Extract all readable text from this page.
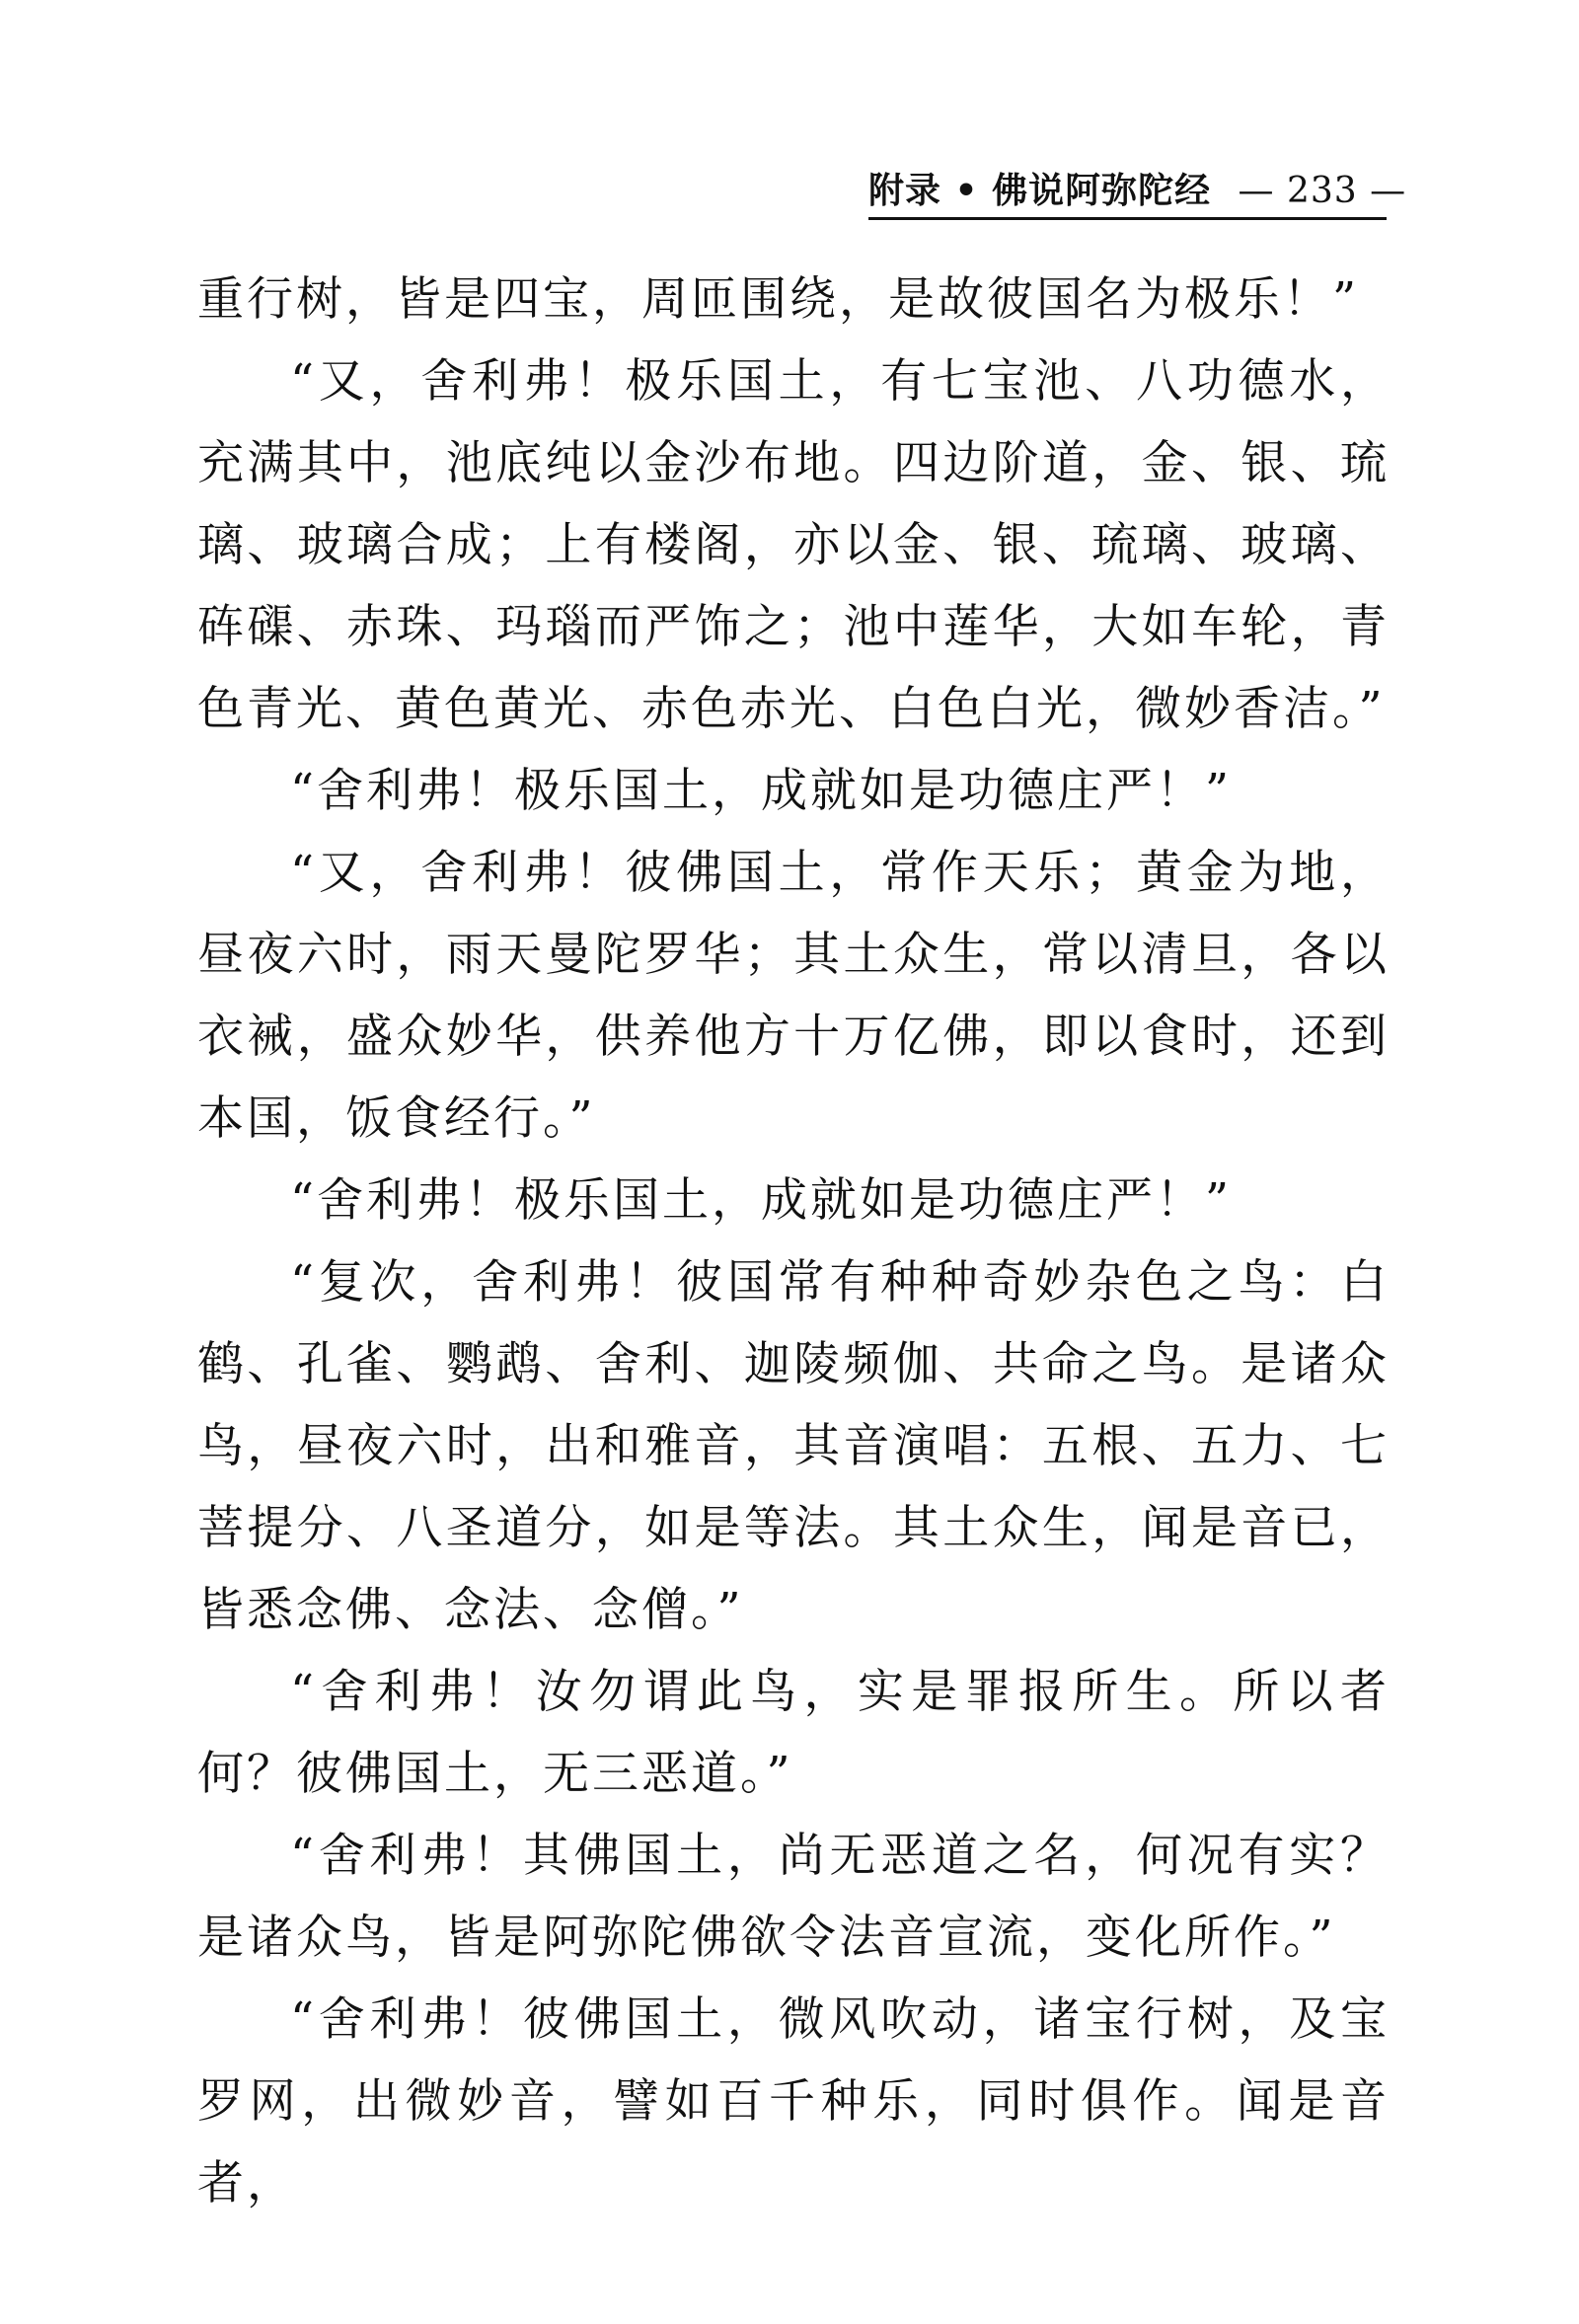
附录 • 佛说阿弥陀经 — 233 —

重行树，皆是四宝，周匝围绕，是故彼国名为极乐！”

“又，舍利弗！极乐国土，有七宝池、八功德水，充满其中，池底纯以金沙布地。四边阶道，金、银、琉璃、玻璃合成；上有楼阁，亦以金、银、琉璃、玻璃、砗磲、赤珠、玛瑙而严饰之；池中莲华，大如车轮，青色青光、黄色黄光、赤色赤光、白色白光，微妙香洁。”

“舍利弗！极乐国土，成就如是功德庄严！”

“又，舍利弗！彼佛国土，常作天乐；黄金为地，昼夜六时，雨天曼陀罗华；其土众生，常以清旦，各以衣裓，盛众妙华，供养他方十万亿佛，即以食时，还到本国，饭食经行。”

“舍利弗！极乐国土，成就如是功德庄严！”

“复次，舍利弗！彼国常有种种奇妙杂色之鸟：白鹤、孔雀、鹦鹉、舍利、迦陵频伽、共命之鸟。是诸众鸟，昼夜六时，出和雅音，其音演唱：五根、五力、七菩提分、八圣道分，如是等法。其土众生，闻是音已，皆悉念佛、念法、念僧。”

“舍利弗！汝勿谓此鸟，实是罪报所生。所以者何？彼佛国土，无三恶道。”

“舍利弗！其佛国土，尚无恶道之名，何况有实？是诸众鸟，皆是阿弥陀佛欲令法音宣流，变化所作。”

“舍利弗！彼佛国土，微风吹动，诸宝行树，及宝罗网，出微妙音，譬如百千种乐，同时俱作。闻是音者，
